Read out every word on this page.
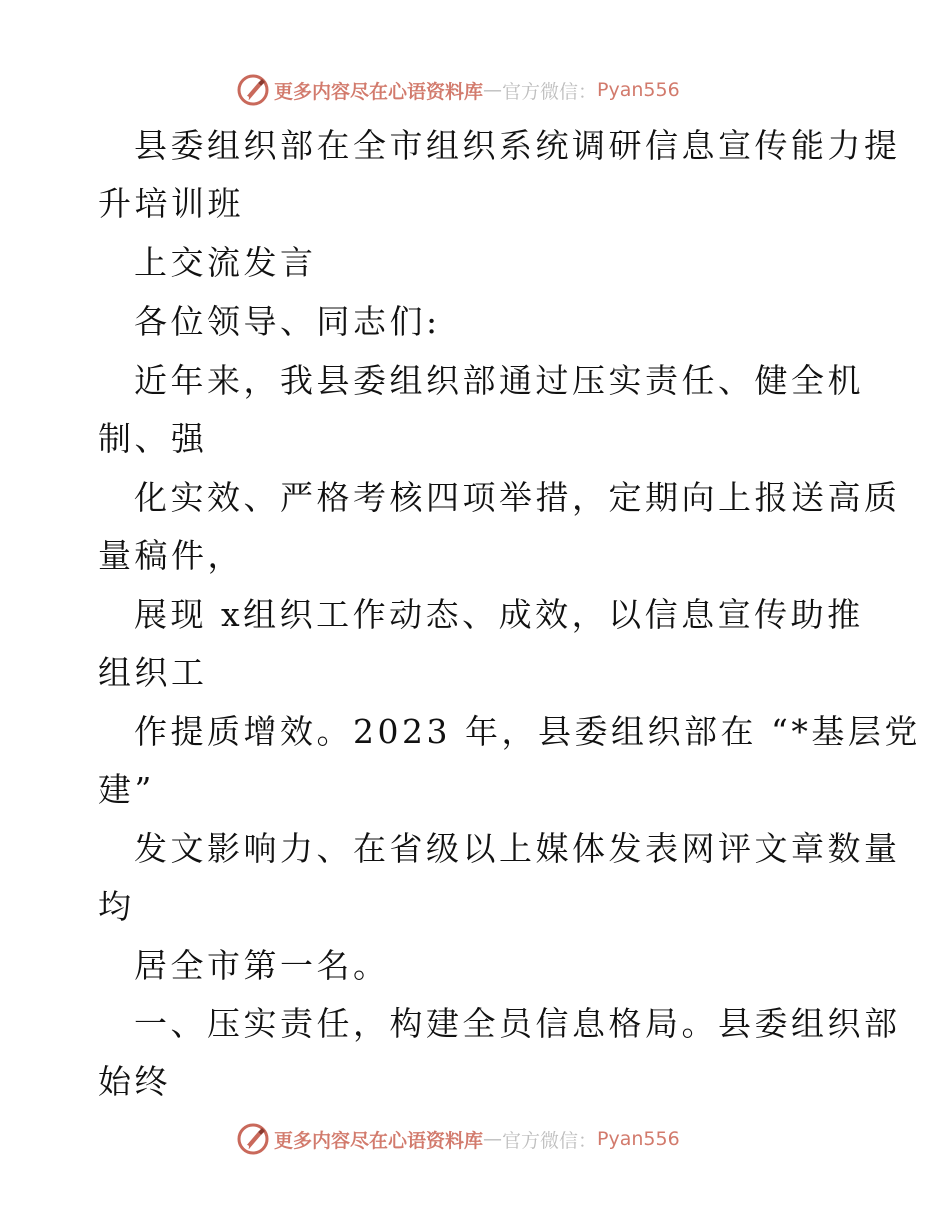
更多内容尽在心语资料库 — 官方微信： Pyan556
县委组织部在全市组织系统调研信息宣传能力提
升培训班
上交流发言
各位领导、同志们:
近年来，我县委组织部通过压实责任、健全机
制、强
化实效、严格考核四项举措，定期向上报送高质
量稿件，
展现 x组织工作动态、成效，以信息宣传助推
组织工
作提质增效。2023 年，县委组织部在 “*基层党
建”
发文影响力、在省级以上媒体发表网评文章数量
均
居全市第一名。
一、压实责任，构建全员信息格局。县委组织部
始终
更多内容尽在心语资料库 — 官方微信： Pyan556
